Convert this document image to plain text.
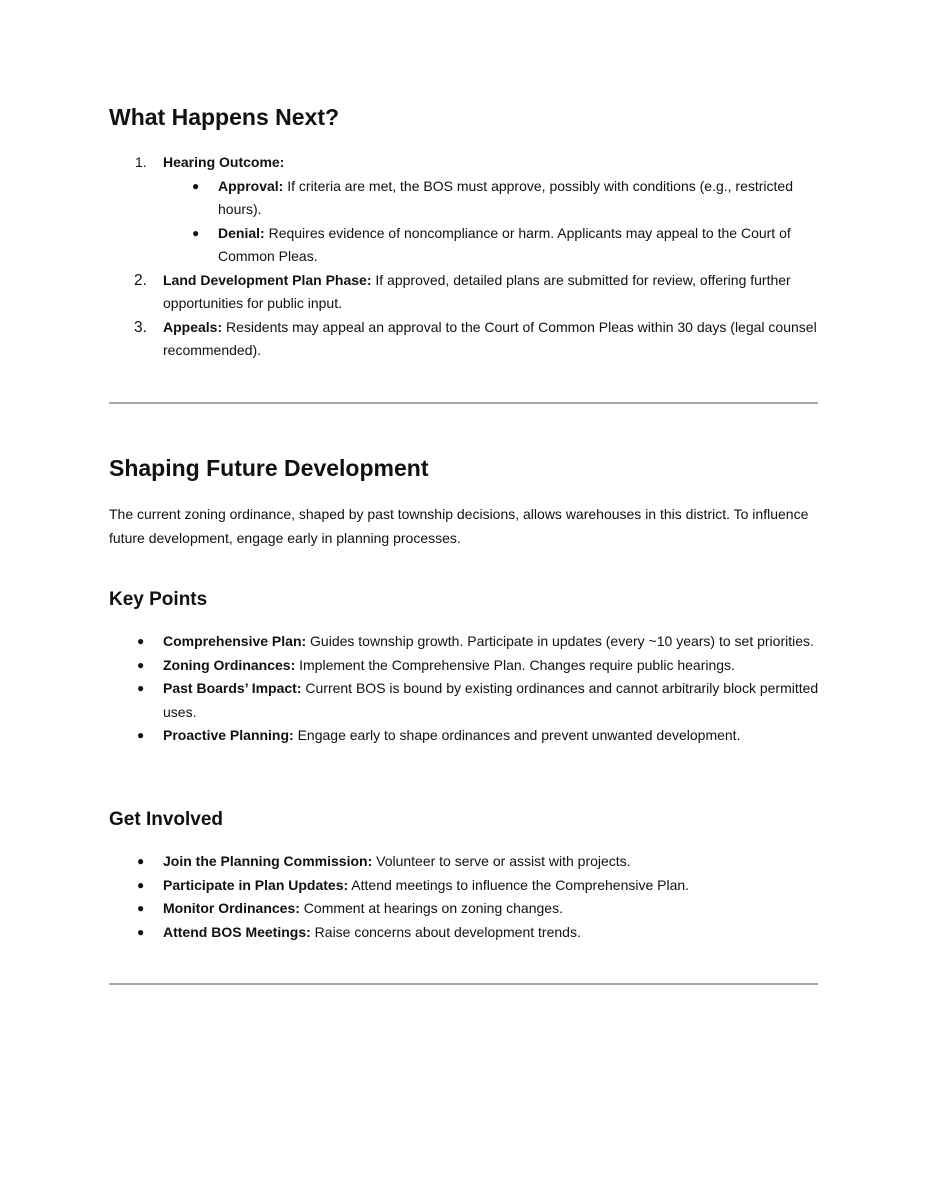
What Happens Next?
1.	Hearing Outcome:
●	Approval: If criteria are met, the BOS must approve, possibly with conditions (e.g., restricted hours).
●	Denial: Requires evidence of noncompliance or harm. Applicants may appeal to the Court of Common Pleas.
2.	Land Development Plan Phase: If approved, detailed plans are submitted for review, offering further opportunities for public input.
3.	Appeals: Residents may appeal an approval to the Court of Common Pleas within 30 days (legal counsel recommended).
Shaping Future Development

The current zoning ordinance, shaped by past township decisions, allows warehouses in this district. To influence future development, engage early in planning processes.

Key Points
●	Comprehensive Plan: Guides township growth. Participate in updates (every ~10 years) to set priorities.
●	Zoning Ordinances: Implement the Comprehensive Plan. Changes require public hearings.
●	Past Boards’ Impact: Current BOS is bound by existing ordinances and cannot arbitrarily block permitted uses.
●	Proactive Planning: Engage early to shape ordinances and prevent unwanted development.
Get Involved
●	Join the Planning Commission: Volunteer to serve or assist with projects.
●	Participate in Plan Updates: Attend meetings to influence the Comprehensive Plan.
●	Monitor Ordinances: Comment at hearings on zoning changes.
●	Attend BOS Meetings: Raise concerns about development trends.
